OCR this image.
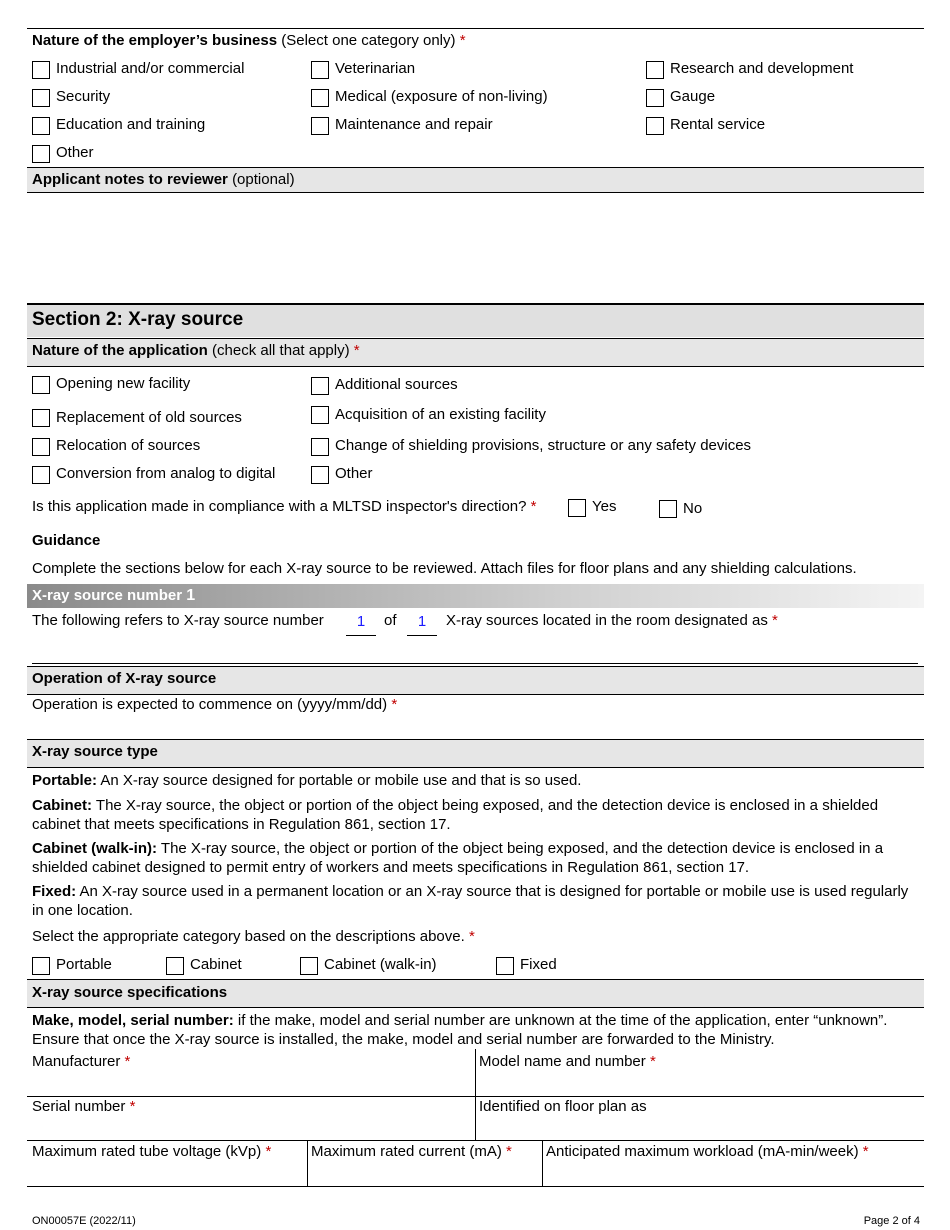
Nature of the employer’s business (Select one category only) *
Industrial and/or commercial	Veterinarian	Research and development
Security	Medical (exposure of non-living)	Gauge
Education and training	Maintenance and repair	Rental service
Other
Applicant notes to reviewer (optional)
Section 2: X-ray source
Nature of the application (check all that apply) *
Opening new facility	Additional sources
Replacement of old sources	Acquisition of an existing facility
Relocation of sources	Change of shielding provisions, structure or any safety devices
Conversion from analog to digital	Other
Is this application made in compliance with a MLTSD inspector's direction? *	Yes	No
Guidance
Complete the sections below for each X-ray source to be reviewed. Attach files for floor plans and any shielding calculations.
X-ray source number 1
The following refers to X-ray source number	1	of	1	X-ray sources located in the room designated as *
Operation of X-ray source
Operation is expected to commence on (yyyy/mm/dd) *
X-ray source type
Portable: An X-ray source designed for portable or mobile use and that is so used.
Cabinet: The X-ray source, the object or portion of the object being exposed, and the detection device is enclosed in a shielded cabinet that meets specifications in Regulation 861, section 17.
Cabinet (walk-in): The X-ray source, the object or portion of the object being exposed, and the detection device is enclosed in a shielded cabinet designed to permit entry of workers and meets specifications in Regulation 861, section 17.
Fixed: An X-ray source used in a permanent location or an X-ray source that is designed for portable or mobile use is used regularly in one location.
Select the appropriate category based on the descriptions above. *
Portable	Cabinet	Cabinet (walk-in)	Fixed
X-ray source specifications
Make, model, serial number: if the make, model and serial number are unknown at the time of the application, enter “unknown”. Ensure that once the X-ray source is installed, the make, model and serial number are forwarded to the Ministry.
Manufacturer *	Model name and number *
Serial number *	Identified on floor plan as
Maximum rated tube voltage (kVp) *	Maximum rated current (mA) * Anticipated maximum workload (mA-min/week) *
ON00057E (2022/11)	Page 2 of 4
